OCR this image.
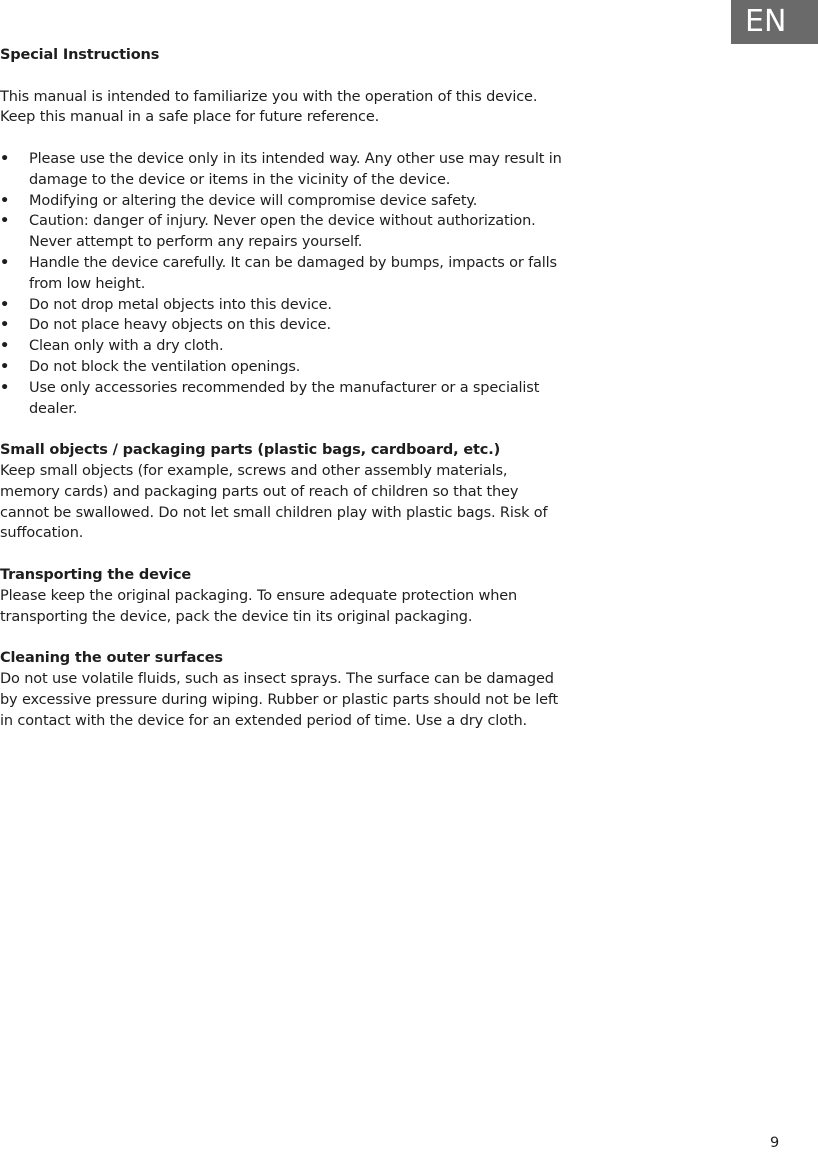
EN

Special Instructions

This manual is intended to familiarize you with the operation of this device. Keep this manual in a safe place for future reference.

• Please use the device only in its intended way. Any other use may result in damage to the device or items in the vicinity of the device.
• Modifying or altering the device will compromise device safety.
• Caution: danger of injury. Never open the device without authorization. Never attempt to perform any repairs yourself.
• Handle the device carefully. It can be damaged by bumps, impacts or falls from low height.
• Do not drop metal objects into this device.
• Do not place heavy objects on this device.
• Clean only with a dry cloth.
• Do not block the ventilation openings.
• Use only accessories recommended by the manufacturer or a specialist dealer.

Small objects / packaging parts (plastic bags, cardboard, etc.)

Keep small objects (for example, screws and other assembly materials, memory cards) and packaging parts out of reach of children so that they cannot be swallowed. Do not let small children play with plastic bags. Risk of suffocation.

Transporting the device

Please keep the original packaging. To ensure adequate protection when transporting the device, pack the device tin its original packaging.

Cleaning the outer surfaces

Do not use volatile fluids, such as insect sprays. The surface can be damaged by excessive pressure during wiping. Rubber or plastic parts should not be left in contact with the device for an extended period of time. Use a dry cloth.

9
